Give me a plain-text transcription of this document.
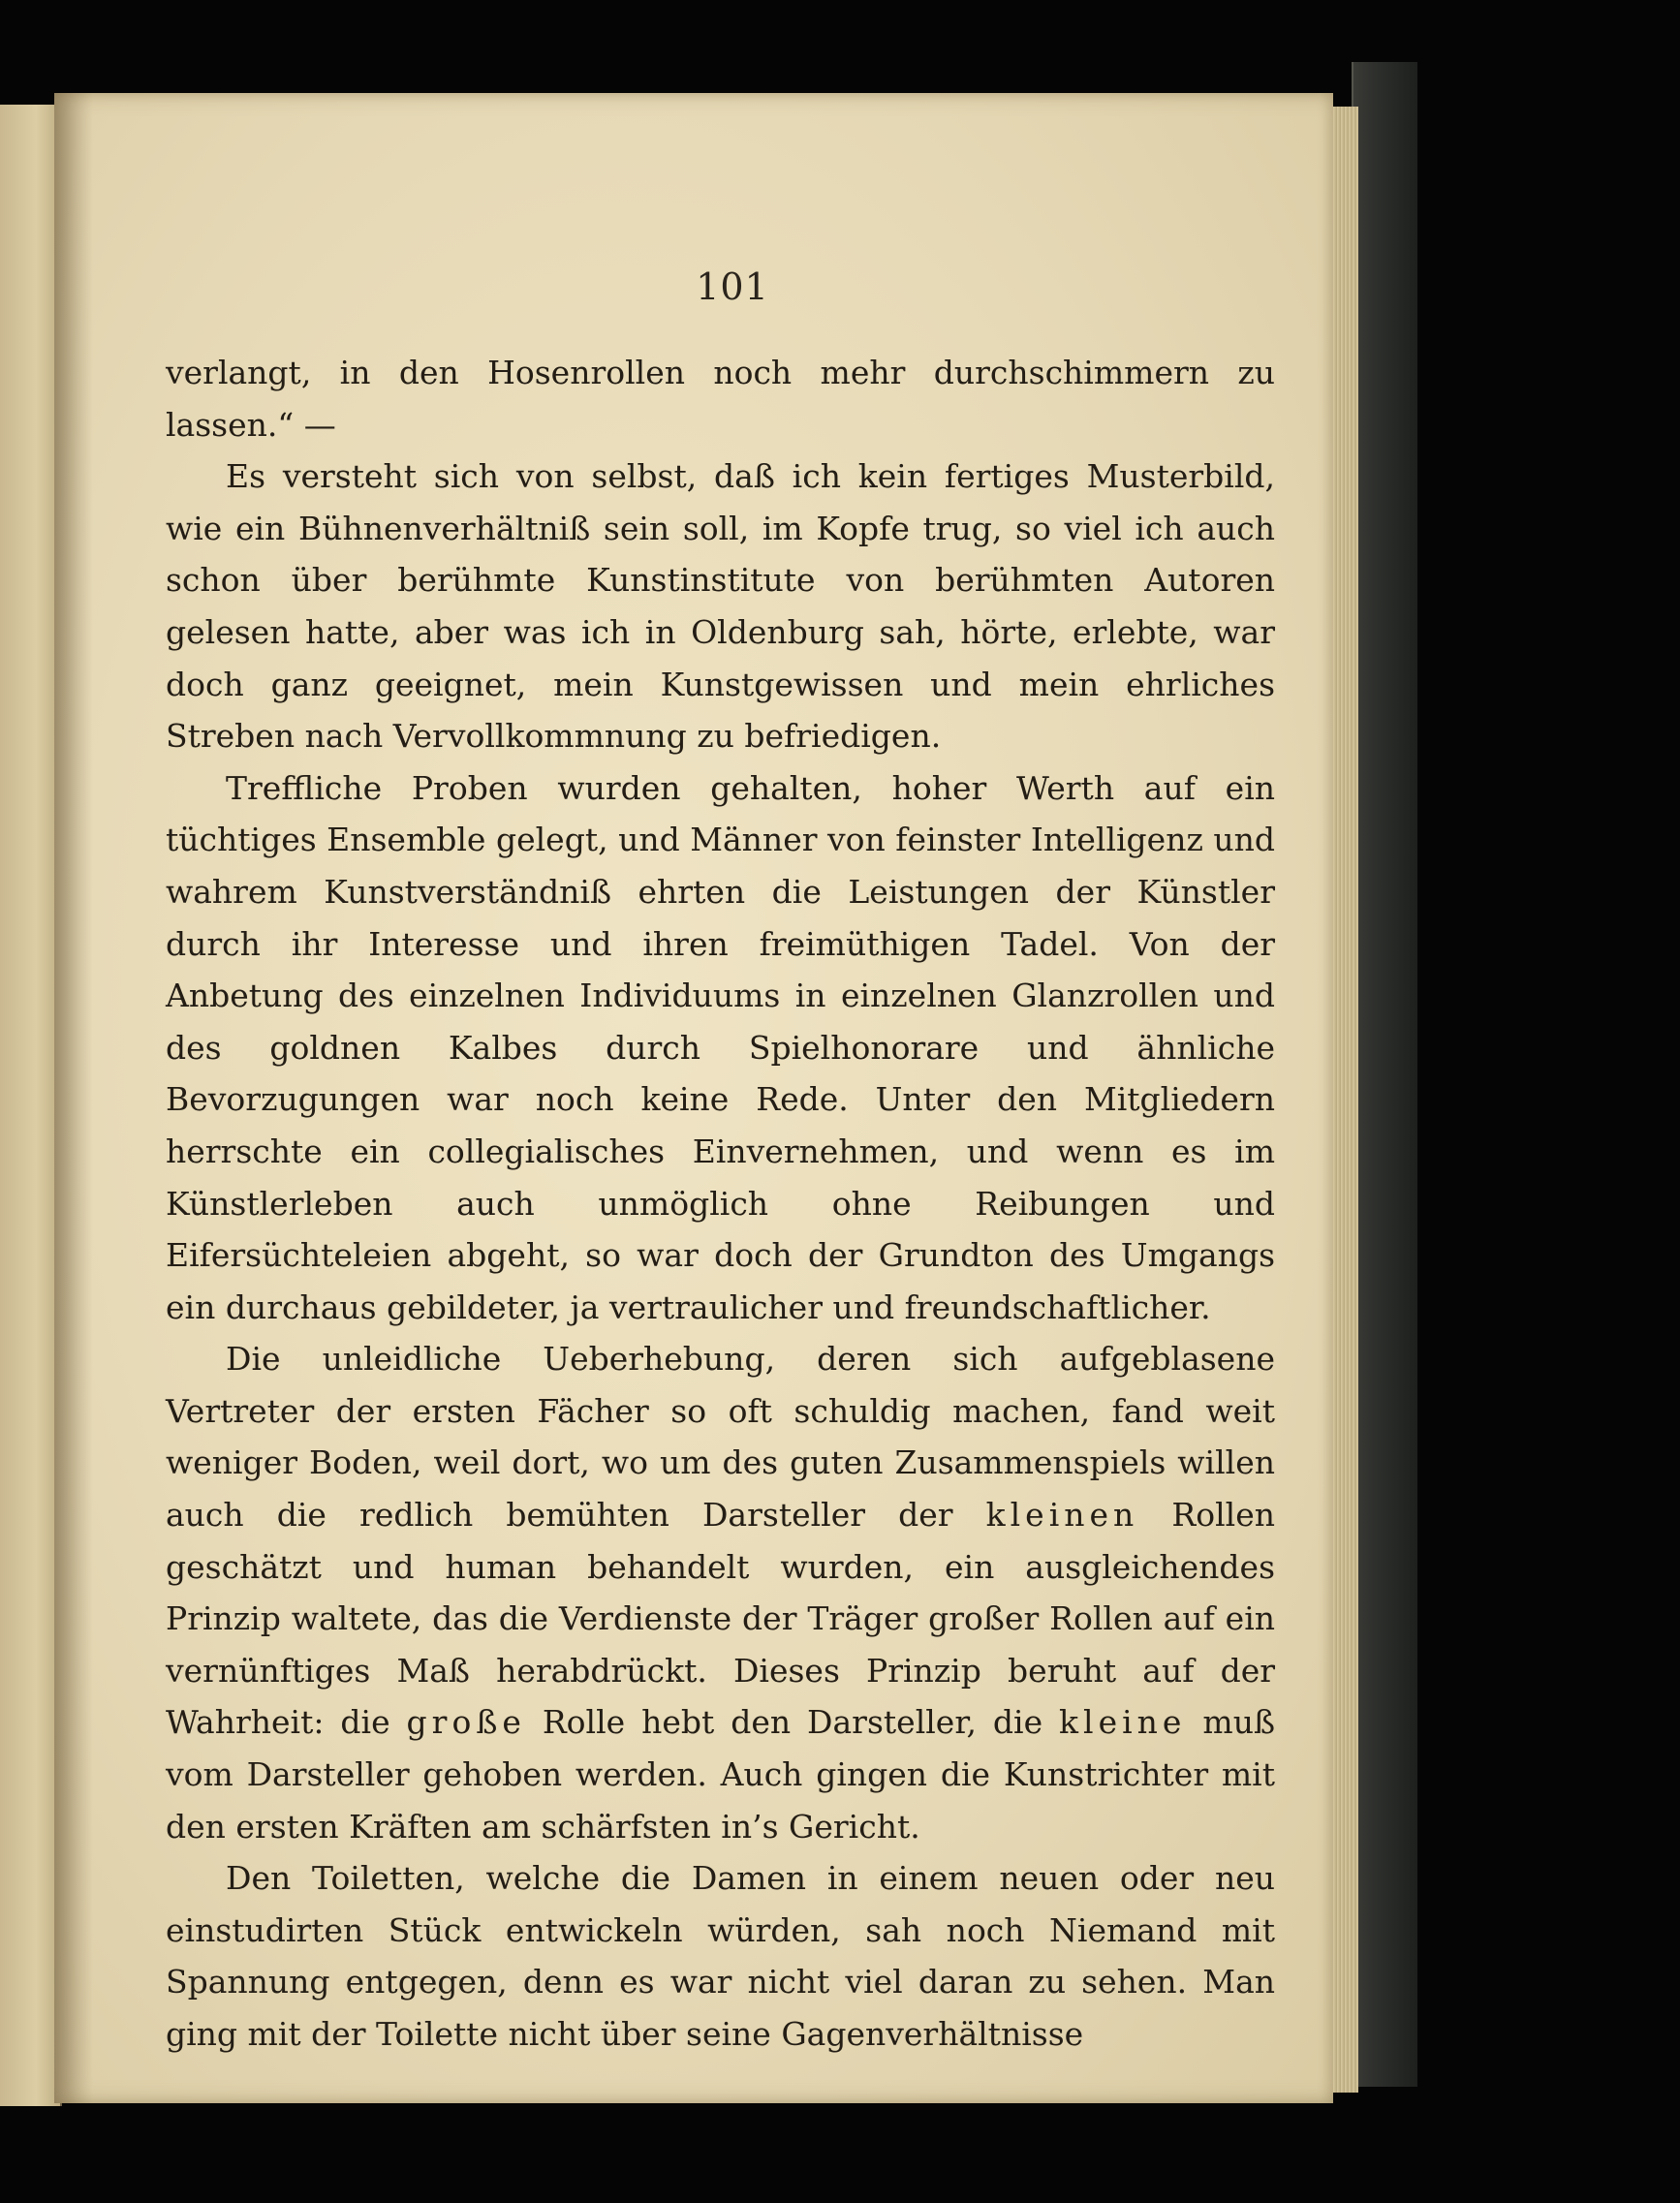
101

verlangt, in den Hosenrollen noch mehr durchschimmern zu lassen.“ —

Es versteht sich von selbst, daß ich kein fertiges Musterbild, wie ein Bühnenverhältniß sein soll, im Kopfe trug, so viel ich auch schon über berühmte Kunstinstitute von berühmten Autoren gelesen hatte, aber was ich in Oldenburg sah, hörte, erlebte, war doch ganz geeignet, mein Kunstgewissen und mein ehrliches Streben nach Vervollkommnung zu befriedigen.

Treffliche Proben wurden gehalten, hoher Werth auf ein tüchtiges Ensemble gelegt, und Männer von feinster Intelligenz und wahrem Kunstverständniß ehrten die Leistungen der Künstler durch ihr Interesse und ihren freimüthigen Tadel. Von der Anbetung des einzelnen Individuums in einzelnen Glanzrollen und des goldnen Kalbes durch Spielhonorare und ähnliche Bevorzugungen war noch keine Rede. Unter den Mitgliedern herrschte ein collegialisches Einvernehmen, und wenn es im Künstlerleben auch unmöglich ohne Reibungen und Eifersüchteleien abgeht, so war doch der Grundton des Umgangs ein durchaus gebildeter, ja vertraulicher und freundschaftlicher.

Die unleidliche Ueberhebung, deren sich aufgeblasene Vertreter der ersten Fächer so oft schuldig machen, fand weit weniger Boden, weil dort, wo um des guten Zusammenspiels willen auch die redlich bemühten Darsteller der kleinen Rollen geschätzt und human behandelt wurden, ein ausgleichendes Prinzip waltete, das die Verdienste der Träger großer Rollen auf ein vernünftiges Maß herabdrückt. Dieses Prinzip beruht auf der Wahrheit: die große Rolle hebt den Darsteller, die kleine muß vom Darsteller gehoben werden. Auch gingen die Kunstrichter mit den ersten Kräften am schärfsten in’s Gericht.

Den Toiletten, welche die Damen in einem neuen oder neu einstudirten Stück entwickeln würden, sah noch Niemand mit Spannung entgegen, denn es war nicht viel daran zu sehen. Man ging mit der Toilette nicht über seine Gagenverhältnisse
